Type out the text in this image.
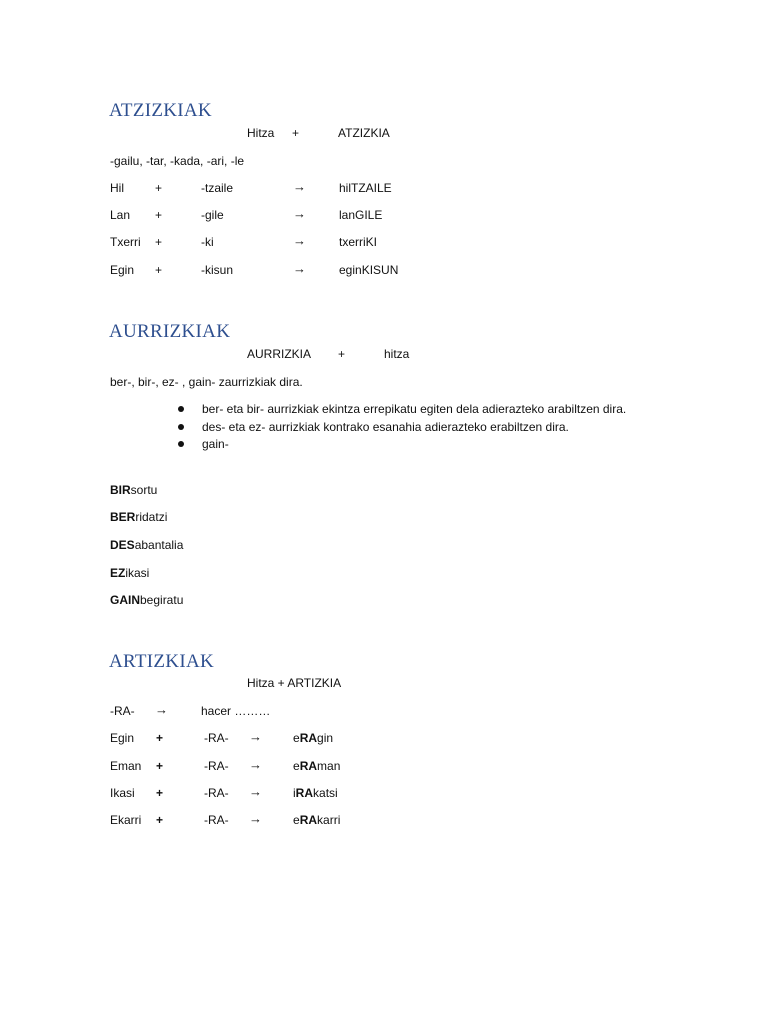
ATZIZKIAK
Hitza +	ATZIZKIA
-gailu, -tar, -kada, -ari, -le
Hil	+	-tzaile	→	hilTZAILE
Lan +	-gile	→	lanGILE
Txerri +	-ki	→	txerriKI
Egin +	-kisun	→	eginKISUN
AURRIZKIAK
AURRIZKIA +	hitza
ber-, bir-, ez- , gain- zaurrizkiak dira.
ber- eta bir- aurrizkiak ekintza errepikatu egiten dela adierazteko arabiltzen dira.
des- eta ez- aurrizkiak kontrako esanahia adierazteko erabiltzen dira.
gain-
BIRsortu
BERridatzi
DESabantalia
EZikasi
GAINbegiratu
ARTIZKIAK
Hitza + ARTIZKIA
-RA- →	hacer ………
Egin +	-RA- →	eRAgin
Eman +	-RA- →	eRAman
Ikasi +	-RA- →	iRAkatsi
Ekarri +	-RA- →	eRAkarri
